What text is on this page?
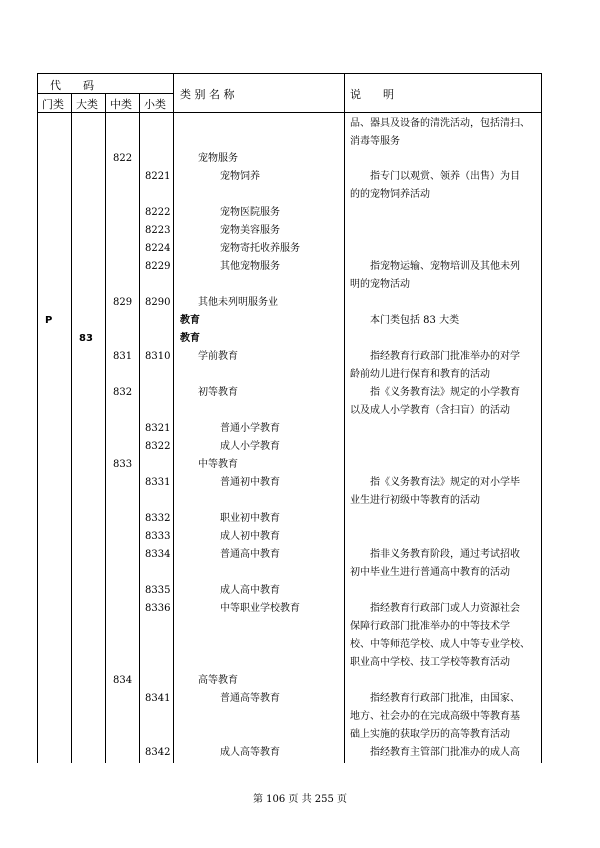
代　　码
门类 大类 中类 小类
类 别 名 称	说　　明
品、器具及设备的清洗活动，包括清扫、
消毒等服务
822	宠物服务
8221	宠物饲养	　　指专门以观赏、领养（出售）为目
的的宠物饲养活动
8222	宠物医院服务
8223	宠物美容服务
8224	宠物寄托收养服务
8229	其他宠物服务	　　指宠物运输、宠物培训及其他未列
明的宠物活动
829 8290	其他未列明服务业
P	教育	　　本门类包括 83 大类
83	教育
831 8310	学前教育	　　指经教育行政部门批准举办的对学
龄前幼儿进行保育和教育的活动
832	初等教育	　　指《义务教育法》规定的小学教育
以及成人小学教育（含扫盲）的活动
8321	普通小学教育
8322	成人小学教育
833	中等教育
8331	普通初中教育	　　指《义务教育法》规定的对小学毕
业生进行初级中等教育的活动
8332	职业初中教育
8333	成人初中教育
8334	普通高中教育	　　指非义务教育阶段，通过考试招收
初中毕业生进行普通高中教育的活动
8335	成人高中教育
8336	中等职业学校教育	　　指经教育行政部门或人力资源社会
保障行政部门批准举办的中等技术学
校、中等师范学校、成人中等专业学校、
职业高中学校、技工学校等教育活动
834	高等教育
8341	普通高等教育	　　指经教育行政部门批准，由国家、
地方、社会办的在完成高级中等教育基
础上实施的获取学历的高等教育活动
8342	成人高等教育	　　指经教育主管部门批准办的成人高
第 106 页 共 255 页
